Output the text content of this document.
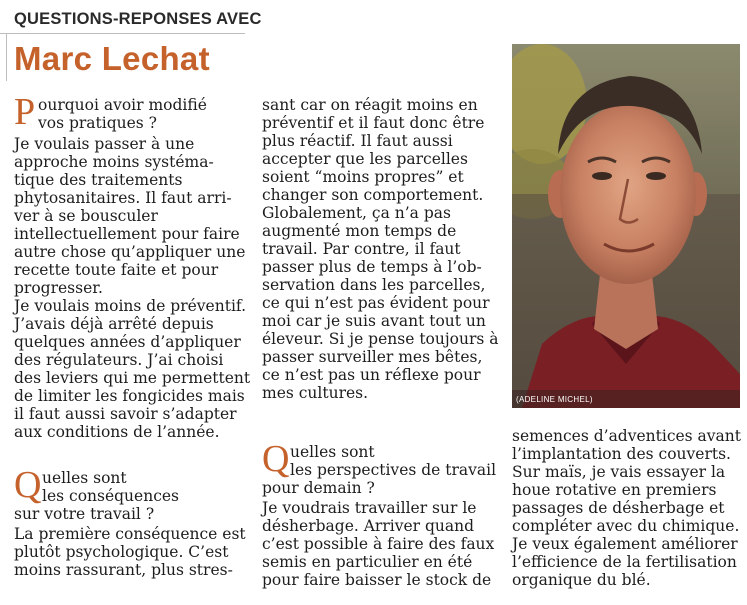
QUESTIONS-REPONSES AVEC
Marc Lechat
P ourquoi avoir modifié
vos pratiques ?
Je voulais passer à une
approche moins systéma-
tique des traitements
phytosanitaires. Il faut arri-
ver à se bousculer
intellectuellement pour faire
autre chose qu’appliquer une
recette toute faite et pour
progresser.
Je voulais moins de préventif.
J’avais déjà arrêté depuis
quelques années d’appliquer
des régulateurs. J’ai choisi
des leviers qui me permettent
de limiter les fongicides mais
il faut aussi savoir s’adapter
aux conditions de l’année.
Q uelles sont
les conséquences
sur votre travail ?
La première conséquence est
plutôt psychologique. C’est
moins rassurant, plus stres-
sant car on réagit moins en
préventif et il faut donc être
plus réactif. Il faut aussi
accepter que les parcelles
soient “moins propres” et
changer son comportement.
Globalement, ça n’a pas
augmenté mon temps de
travail. Par contre, il faut
passer plus de temps à l’ob-
servation dans les parcelles,
ce qui n’est pas évident pour
moi car je suis avant tout un
éleveur. Si je pense toujours à
passer surveiller mes bêtes,
ce n’est pas un réflexe pour
mes cultures.
Q uelles sont
les perspectives de travail
pour demain ?
Je voudrais travailler sur le
désherbage. Arriver quand
c’est possible à faire des faux
semis en particulier en été
pour faire baisser le stock de
(ADELINE MICHEL)
semences d’adventices avant
l’implantation des couverts.
Sur maïs, je vais essayer la
houe rotative en premiers
passages de désherbage et
compléter avec du chimique.
Je veux également améliorer
l’efficience de la fertilisation
organique du blé.
